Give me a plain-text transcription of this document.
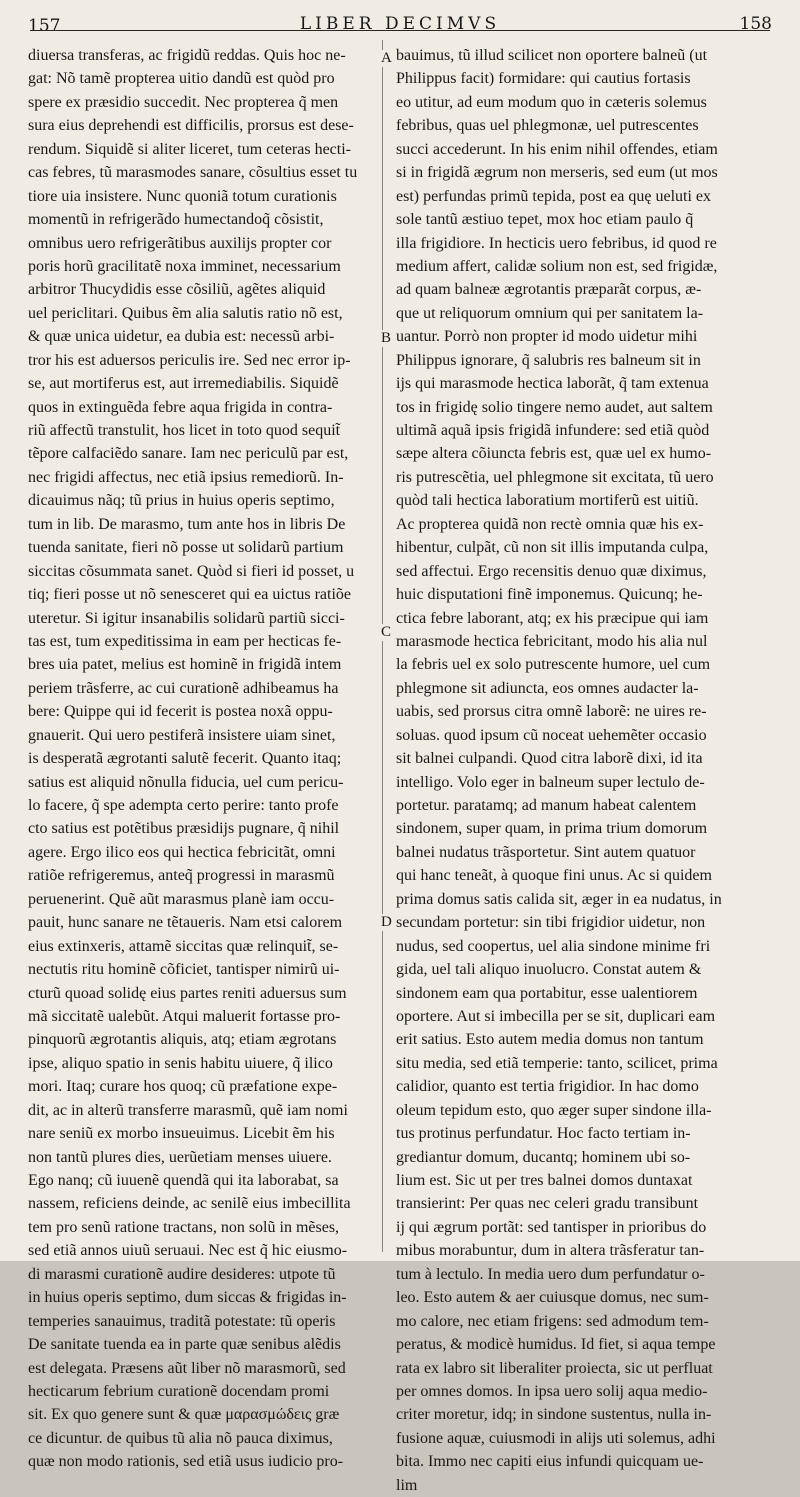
157	LIBER DECIMVS	158
A
B
C
D
diuersa transferas, ac frigidũ reddas. Quis hoc ne-
gat: Nõ tamẽ propterea uitio dandũ est quòd pro
spere ex præsidio succedit. Nec propterea q̃ men
sura eius deprehendi est difficilis, prorsus est dese-
rendum. Siquidẽ si aliter liceret, tum ceteras hecti-
cas febres, tũ marasmodes sanare, cõsultius esset tu
tiore uia insistere. Nunc quoniã totum curationis
momentũ in refrigerãdo humectandoq̃ cõsistit,
omnibus uero refrigerãtibus auxilijs propter cor
poris horũ gracilitatẽ noxa imminet, necessarium
arbitror Thucydidis esse cõsiliũ, agẽtes aliquid
uel periclitari. Quibus ẽm alia salutis ratio nõ est,
& quæ unica uidetur, ea dubia est: necessũ arbi-
tror his est aduersos periculis ire. Sed nec error ip-
se, aut mortiferus est, aut irremediabilis. Siquidẽ
quos in extinguẽda febre aqua frigida in contra-
riũ affectũ transtulit, hos licet in toto quod sequit̃
tẽpore calfaciẽdo sanare. Iam nec periculũ par est,
nec frigidi affectus, nec etiã ipsius remediorũ. In-
dicauimus nãq; tũ prius in huius operis septimo,
tum in lib. De marasmo, tum ante hos in libris De
tuenda sanitate, fieri nõ posse ut solidarũ partium
siccitas cõsummata sanet. Quòd si fieri id posset, u
tiq; fieri posse ut nõ senesceret qui ea uictus ratiõe
uteretur. Si igitur insanabilis solidarũ partiũ sicci-
tas est, tum expeditissima in eam per hecticas fe-
bres uia patet, melius est hominẽ in frigidã intem
periem trãsferre, ac cui curationẽ adhibeamus ha
bere: Quippe qui id fecerit is postea noxã oppu-
gnauerit. Qui uero pestiferã insistere uiam sinet,
is desperatã ægrotanti salutẽ fecerit. Quanto itaq;
satius est aliquid nõnulla fiducia, uel cum pericu-
lo facere, q̃ spe adempta certo perire: tanto profe
cto satius est potẽtibus præsidijs pugnare, q̃ nihil
agere. Ergo ilico eos qui hectica febricitãt, omni
ratiõe refrigeremus, anteq̃ progressi in marasmũ
peruenerint. Quẽ aũt marasmus planè iam occu-
pauit, hunc sanare ne tẽtaueris. Nam etsi calorem
eius extinxeris, attamẽ siccitas quæ relinquit̃, se-
nectutis ritu hominẽ cõficiet, tantisper nimirũ ui-
cturũ quoad solidę eius partes reniti aduersus sum
mã siccitatẽ ualebũt. Atqui maluerit fortasse pro-
pinquorũ ægrotantis aliquis, atq; etiam ægrotans
ipse, aliquo spatio in senis habitu uiuere, q̃ ilico
mori. Itaq; curare hos quoq; cũ præfatione expe-
dit, ac in alterũ transferre marasmũ, quẽ iam nomi
nare seniũ ex morbo insueuimus. Licebit ẽm his
non tantũ plures dies, uerũetiam menses uiuere.
Ego nanq; cũ iuuenẽ quendã qui ita laborabat, sa
nassem, reficiens deinde, ac senilẽ eius imbecillita
tem pro senũ ratione tractans, non solũ in mẽses,
sed etiã annos uiuũ seruaui. Nec est q̃ hic eiusmo-
di marasmi curationẽ audire desideres: utpote tũ
in huius operis septimo, dum siccas & frigidas in-
temperies sanauimus, traditã potestate: tũ operis
De sanitate tuenda ea in parte quæ senibus alẽdis
est delegata. Præsens aũt liber nõ marasmorũ, sed
hecticarum febrium curationẽ docendam promi
sit. Ex quo genere sunt & quæ μαρασμώδεις græ
ce dicuntur. de quibus tũ alia nõ pauca diximus,
quæ non modo rationis, sed etiã usus iudicio pro-
bauimus, tũ illud scilicet non oportere balneũ (ut
Philippus facit) formidare: qui cautius fortasis
eo utitur, ad eum modum quo in cæteris solemus
febribus, quas uel phlegmonæ, uel putrescentes
succi accederunt. In his enim nihil offendes, etiam
si in frigidã ægrum non merseris, sed eum (ut mos
est) perfundas primũ tepida, post ea quę ueluti ex
sole tantũ æstiuo tepet, mox hoc etiam paulo q̃
illa frigidiore. In hecticis uero febribus, id quod re
medium affert, calidæ solium non est, sed frigidæ,
ad quam balneæ ægrotantis præparãt corpus, æ-
que ut reliquorum omnium qui per sanitatem la-
uantur. Porrò non propter id modo uidetur mihi
Philippus ignorare, q̃ salubris res balneum sit in
ijs qui marasmode hectica laborãt, q̃ tam extenua
tos in frigidę solio tingere nemo audet, aut saltem
ultimã aquã ipsis frigidã infundere: sed etiã quòd
sæpe altera cõiuncta febris est, quæ uel ex humo-
ris putrescẽtia, uel phlegmone sit excitata, tũ uero
quòd tali hectica laboratium mortiferũ est uitiũ.
Ac propterea quidã non rectè omnia quæ his ex-
hibentur, culpãt, cũ non sit illis imputanda culpa,
sed affectui. Ergo recensitis denuo quæ diximus,
huic disputationi finẽ imponemus. Quicunq; he-
ctica febre laborant, atq; ex his præcipue qui iam
marasmode hectica febricitant, modo his alia nul
la febris uel ex solo putrescente humore, uel cum
phlegmone sit adiuncta, eos omnes audacter la-
uabis, sed prorsus citra omnẽ laborẽ: ne uires re-
soluas. quod ipsum cũ noceat uehemẽter occasio
sit balnei culpandi. Quod citra laborẽ dixi, id ita
intelligo. Volo eger in balneum super lectulo de-
portetur. paratamq; ad manum habeat calentem
sindonem, super quam, in prima trium domorum
balnei nudatus trãsportetur. Sint autem quatuor
qui hanc teneãt, à quoque fini unus. Ac si quidem
prima domus satis calida sit, æger in ea nudatus, in
secundam portetur: sin tibi frigidior uidetur, non
nudus, sed coopertus, uel alia sindone minime fri
gida, uel tali aliquo inuolucro. Constat autem &
sindonem eam qua portabitur, esse ualentiorem
oportere. Aut si imbecilla per se sit, duplicari eam
erit satius. Esto autem media domus non tantum
situ media, sed etiã temperie: tanto, scilicet, prima
calidior, quanto est tertia frigidior. In hac domo
oleum tepidum esto, quo æger super sindone illa-
tus protinus perfundatur. Hoc facto tertiam in-
grediantur domum, ducantq; hominem ubi so-
lium est. Sic ut per tres balnei domos duntaxat
transierint: Per quas nec celeri gradu transibunt
ij qui ægrum portãt: sed tantisper in prioribus do
mibus morabuntur, dum in altera trãsferatur tan-
tum à lectulo. In media uero dum perfundatur o-
leo. Esto autem & aer cuiusque domus, nec sum-
mo calore, nec etiam frigens: sed admodum tem-
peratus, & modicè humidus. Id fiet, si aqua tempe
rata ex labro sit liberaliter proiecta, sic ut perfluat
per omnes domos. In ipsa uero solij aqua medio-
criter moretur, idq; in sindone sustentus, nulla in-
fusione aquæ, cuiusmodi in alijs uti solemus, adhi
bita. Immo nec capiti eius infundi quicquam ue-
lim
